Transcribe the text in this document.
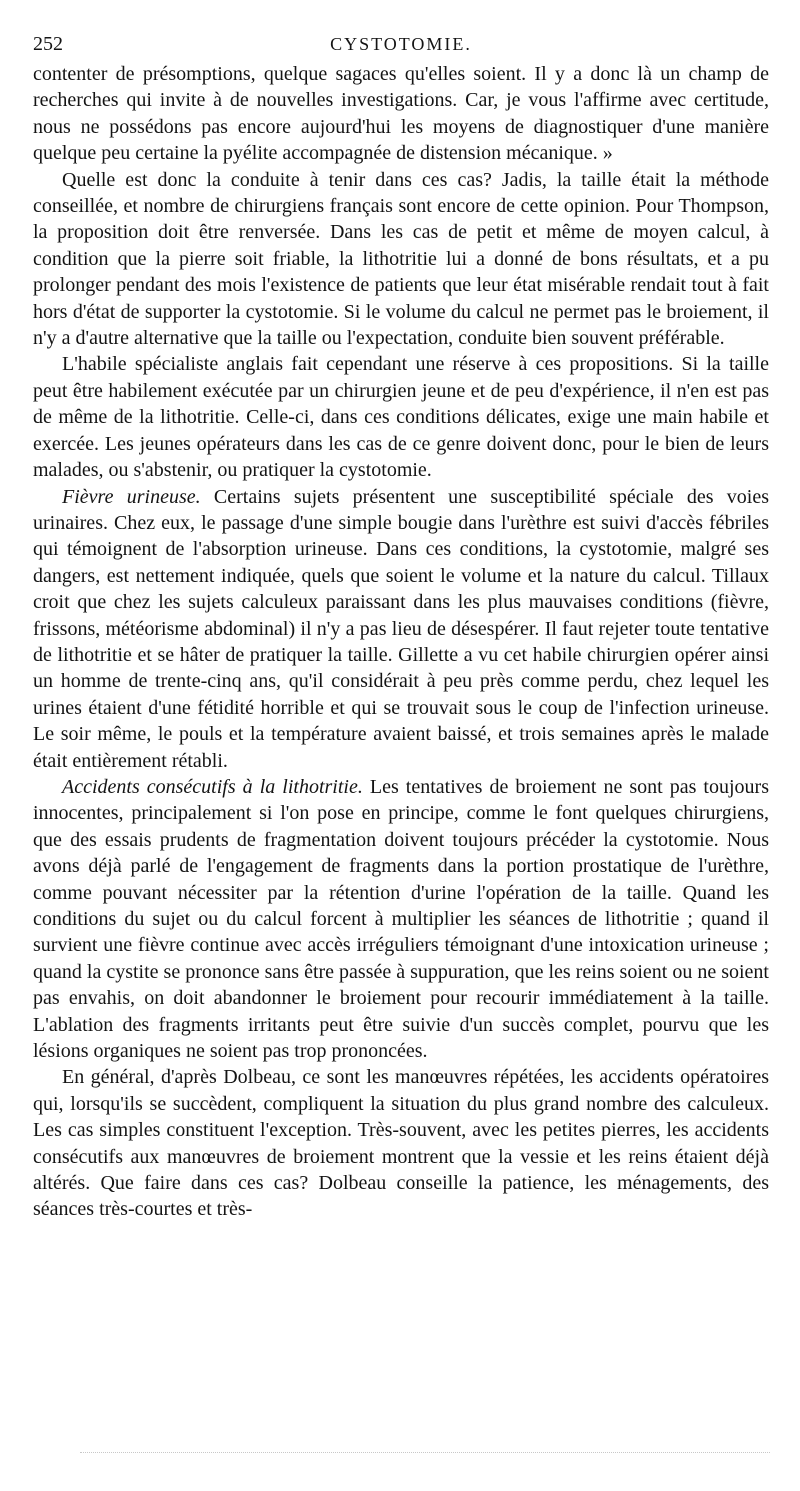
252	CYSTOTOMIE.

contenter de présomptions, quelque sagaces qu'elles soient. Il y a donc là un champ de recherches qui invite à de nouvelles investigations. Car, je vous l'affirme avec certitude, nous ne possédons pas encore aujourd'hui les moyens de diagnostiquer d'une manière quelque peu certaine la pyélite accompagnée de distension mécanique. »

Quelle est donc la conduite à tenir dans ces cas? Jadis, la taille était la méthode conseillée, et nombre de chirurgiens français sont encore de cette opinion. Pour Thompson, la proposition doit être renversée. Dans les cas de petit et même de moyen calcul, à condition que la pierre soit friable, la lithotritie lui a donné de bons résultats, et a pu prolonger pendant des mois l'existence de patients que leur état misérable rendait tout à fait hors d'état de supporter la cystotomie. Si le volume du calcul ne permet pas le broiement, il n'y a d'autre alternative que la taille ou l'expectation, conduite bien souvent préférable.

L'habile spécialiste anglais fait cependant une réserve à ces propositions. Si la taille peut être habilement exécutée par un chirurgien jeune et de peu d'expérience, il n'en est pas de même de la lithotritie. Celle-ci, dans ces conditions délicates, exige une main habile et exercée. Les jeunes opérateurs dans les cas de ce genre doivent donc, pour le bien de leurs malades, ou s'abstenir, ou pratiquer la cystotomie.

Fièvre urineuse. Certains sujets présentent une susceptibilité spéciale des voies urinaires. Chez eux, le passage d'une simple bougie dans l'urèthre est suivi d'accès fébriles qui témoignent de l'absorption urineuse. Dans ces conditions, la cystotomie, malgré ses dangers, est nettement indiquée, quels que soient le volume et la nature du calcul. Tillaux croit que chez les sujets calculeux paraissant dans les plus mauvaises conditions (fièvre, frissons, météorisme abdominal) il n'y a pas lieu de désespérer. Il faut rejeter toute tentative de lithotritie et se hâter de pratiquer la taille. Gillette a vu cet habile chirurgien opérer ainsi un homme de trente-cinq ans, qu'il considérait à peu près comme perdu, chez lequel les urines étaient d'une fétidité horrible et qui se trouvait sous le coup de l'infection urineuse. Le soir même, le pouls et la température avaient baissé, et trois semaines après le malade était entièrement rétabli.

Accidents consécutifs à la lithotritie. Les tentatives de broiement ne sont pas toujours innocentes, principalement si l'on pose en principe, comme le font quelques chirurgiens, que des essais prudents de fragmentation doivent toujours précéder la cystotomie. Nous avons déjà parlé de l'engagement de fragments dans la portion prostatique de l'urèthre, comme pouvant nécessiter par la rétention d'urine l'opération de la taille. Quand les conditions du sujet ou du calcul forcent à multiplier les séances de lithotritie ; quand il survient une fièvre continue avec accès irréguliers témoignant d'une intoxication urineuse ; quand la cystite se prononce sans être passée à suppuration, que les reins soient ou ne soient pas envahis, on doit abandonner le broiement pour recourir immédiatement à la taille. L'ablation des fragments irritants peut être suivie d'un succès complet, pourvu que les lésions organiques ne soient pas trop prononcées.

En général, d'après Dolbeau, ce sont les manœuvres répétées, les accidents opératoires qui, lorsqu'ils se succèdent, compliquent la situation du plus grand nombre des calculeux. Les cas simples constituent l'exception. Très-souvent, avec les petites pierres, les accidents consécutifs aux manœuvres de broiement montrent que la vessie et les reins étaient déjà altérés. Que faire dans ces cas? Dolbeau conseille la patience, les ménagements, des séances très-courtes et très-
